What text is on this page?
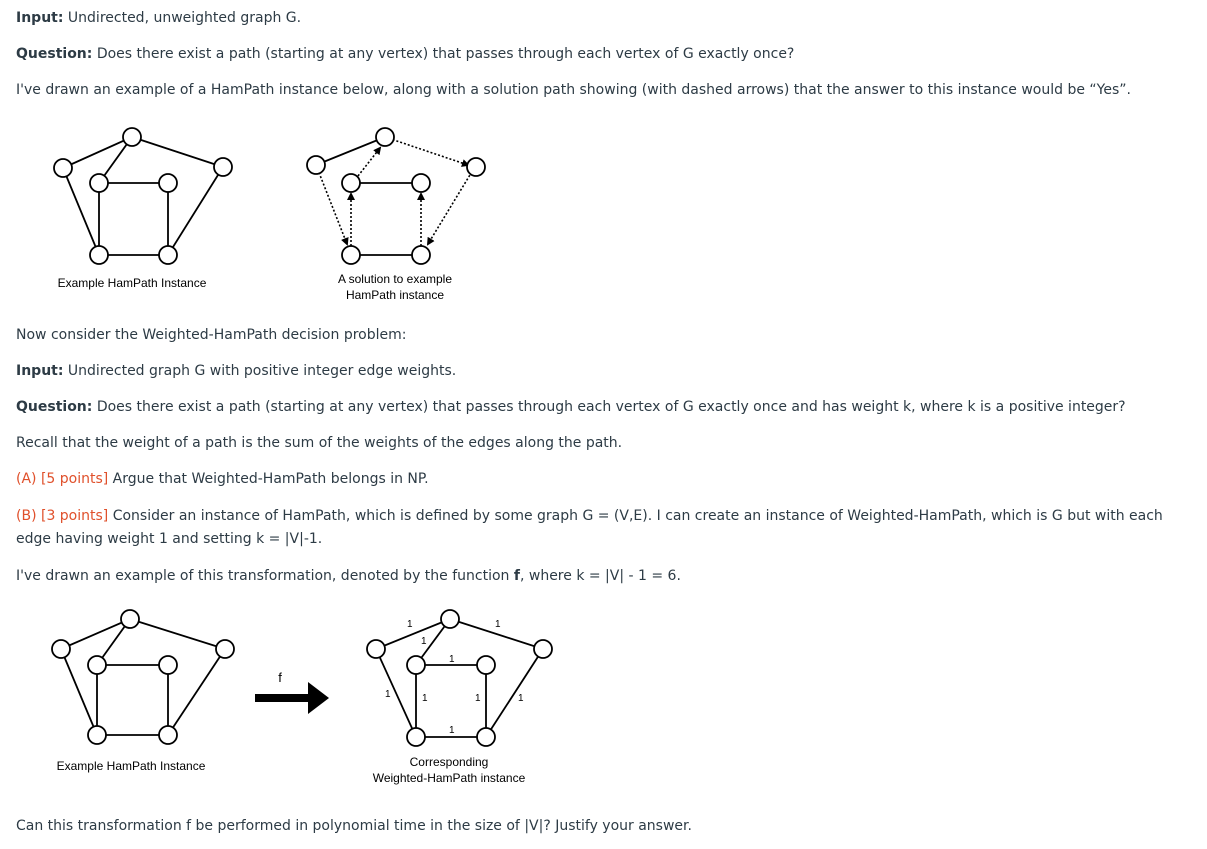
Input: Undirected, unweighted graph G.
Question: Does there exist a path (starting at any vertex) that passes through each vertex of G exactly once?
I've drawn an example of a HamPath instance below, along with a solution path showing (with dashed arrows) that the answer to this instance would be “Yes”.
Example HamPath Instance	A solution to example
HamPath instance
Now consider the Weighted-HamPath decision problem:
Input: Undirected graph G with positive integer edge weights.
Question: Does there exist a path (starting at any vertex) that passes through each vertex of G exactly once and has weight k, where k is a positive integer?
Recall that the weight of a path is the sum of the weights of the edges along the path.
(A) [5 points] Argue that Weighted-HamPath belongs in NP.
(B) [3 points] Consider an instance of HamPath, which is defined by some graph G = (V,E). I can create an instance of Weighted-HamPath, which is G but with each edge having weight 1 and setting k = |V|-1.
I've drawn an example of this transformation, denoted by the function f, where k = |V| - 1 = 6.
Example HamPath Instance
f
1	1
1
1
1	1	1	1
1
Corresponding
Weighted-HamPath instance
Can this transformation f be performed in polynomial time in the size of |V|? Justify your answer.
